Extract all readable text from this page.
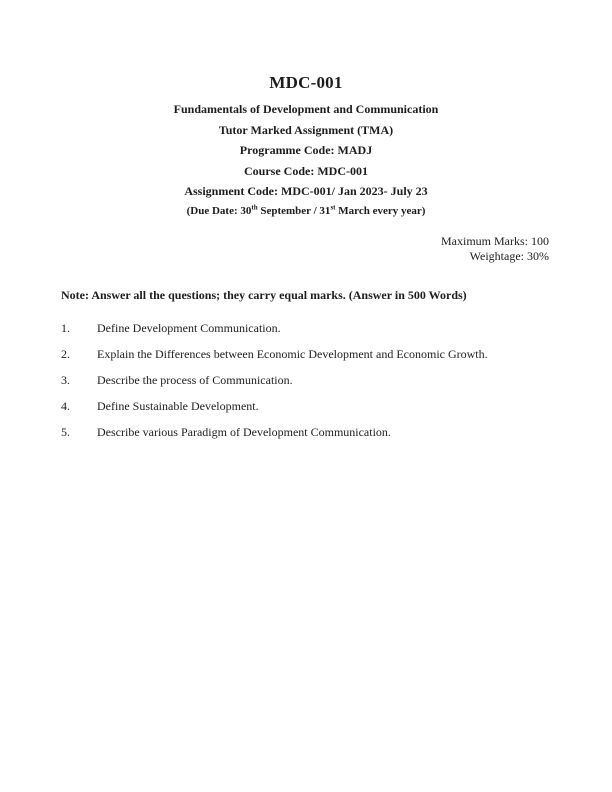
MDC-001
Fundamentals of Development and Communication
Tutor Marked Assignment (TMA)
Programme Code: MADJ
Course Code: MDC-001
Assignment Code: MDC-001/ Jan 2023- July 23
(Due Date: 30th September / 31st March every year)
Maximum Marks: 100
Weightage: 30%
Note: Answer all the questions; they carry equal marks. (Answer in 500 Words)
1.	Define Development Communication.
2.	Explain the Differences between Economic Development and Economic Growth.
3.	Describe the process of Communication.
4.	Define Sustainable Development.
5.	Describe various Paradigm of Development Communication.
